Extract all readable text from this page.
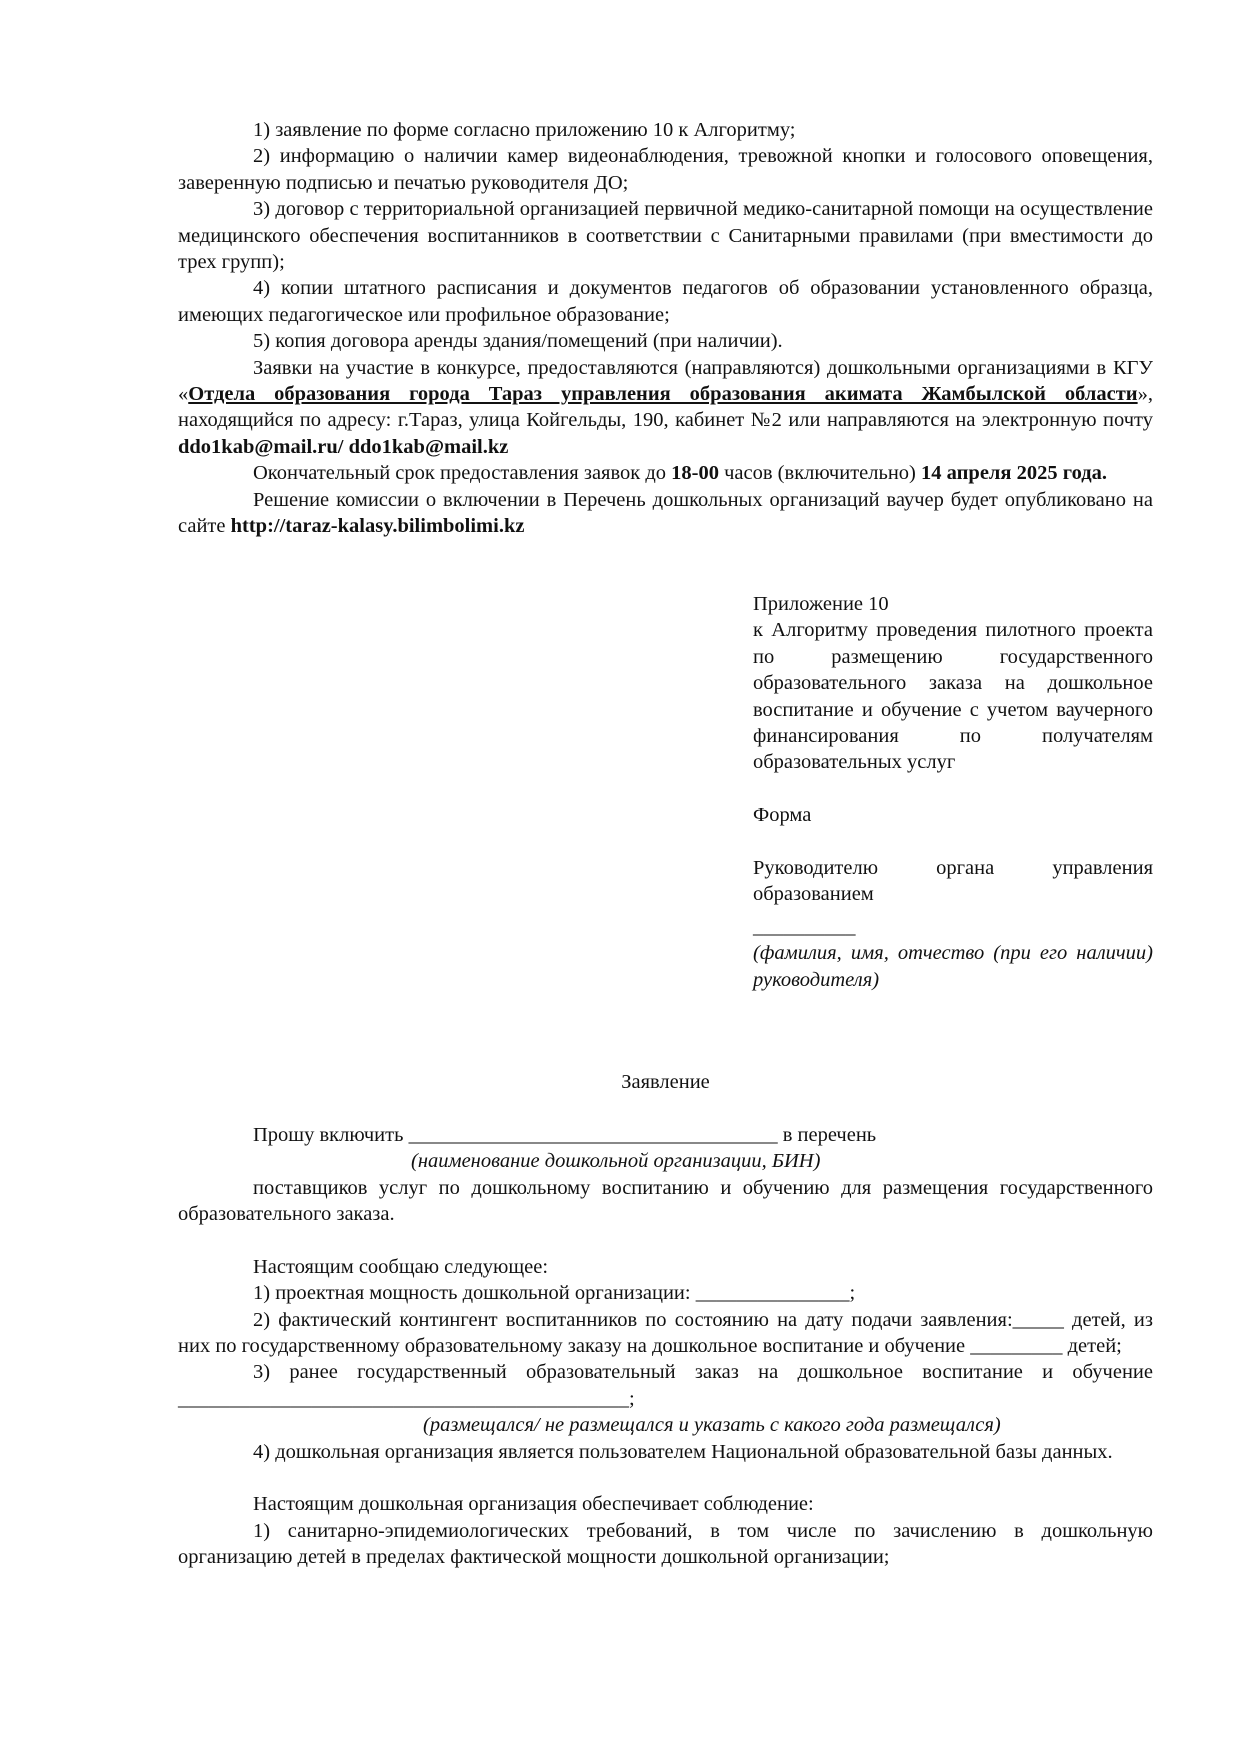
1) заявление по форме согласно приложению 10 к Алгоритму;

2) информацию о наличии камер видеонаблюдения, тревожной кнопки и голосового оповещения, заверенную подписью и печатью руководителя ДО;

3) договор с территориальной организацией первичной медико-санитарной помощи на осуществление медицинского обеспечения воспитанников в соответствии с Санитарными правилами (при вместимости до трех групп);

4) копии штатного расписания и документов педагогов об образовании установленного образца, имеющих педагогическое или профильное образование;

5) копия договора аренды здания/помещений (при наличии).

Заявки на участие в конкурсе, предоставляются (направляются) дошкольными организациями в КГУ «Отдела образования города Тараз управления образования акимата Жамбылской области», находящийся по адресу: г.Тараз, улица Койгельды, 190, кабинет №2 или направляются на электронную почту ddo1kab@mail.ru/ ddo1kab@mail.kz

Окончательный срок предоставления заявок до 18-00 часов (включительно) 14 апреля 2025 года.

Решение комиссии о включении в Перечень дошкольных организаций ваучер будет опубликовано на сайте http://taraz-kalasy.bilimbolimi.kz

Приложение 10

к Алгоритму проведения пилотного проекта по размещению государственного образовательного заказа на дошкольное воспитание и обучение с учетом ваучерного финансирования по получателям образовательных услуг

Форма

Руководителю органа управления образованием

__________

(фамилия, имя, отчество (при его наличии) руководителя)

Заявление

Прошу включить ____________________________________ в перечень

(наименование дошкольной организации, БИН)

поставщиков услуг по дошкольному воспитанию и обучению для размещения государственного образовательного заказа.

Настоящим сообщаю следующее:

1) проектная мощность дошкольной организации: _______________;

2) фактический контингент воспитанников по состоянию на дату подачи заявления:_____ детей, из них по государственному образовательному заказу на дошкольное воспитание и обучение _________ детей;

3) ранее государственный образовательный заказ на дошкольное воспитание и обучение ____________________________________________;

(размещался/ не размещался и указать с какого года размещался)

4) дошкольная организация является пользователем Национальной образовательной базы данных.

Настоящим дошкольная организация обеспечивает соблюдение:

1) санитарно-эпидемиологических требований, в том числе по зачислению в дошкольную организацию детей в пределах фактической мощности дошкольной организации;
